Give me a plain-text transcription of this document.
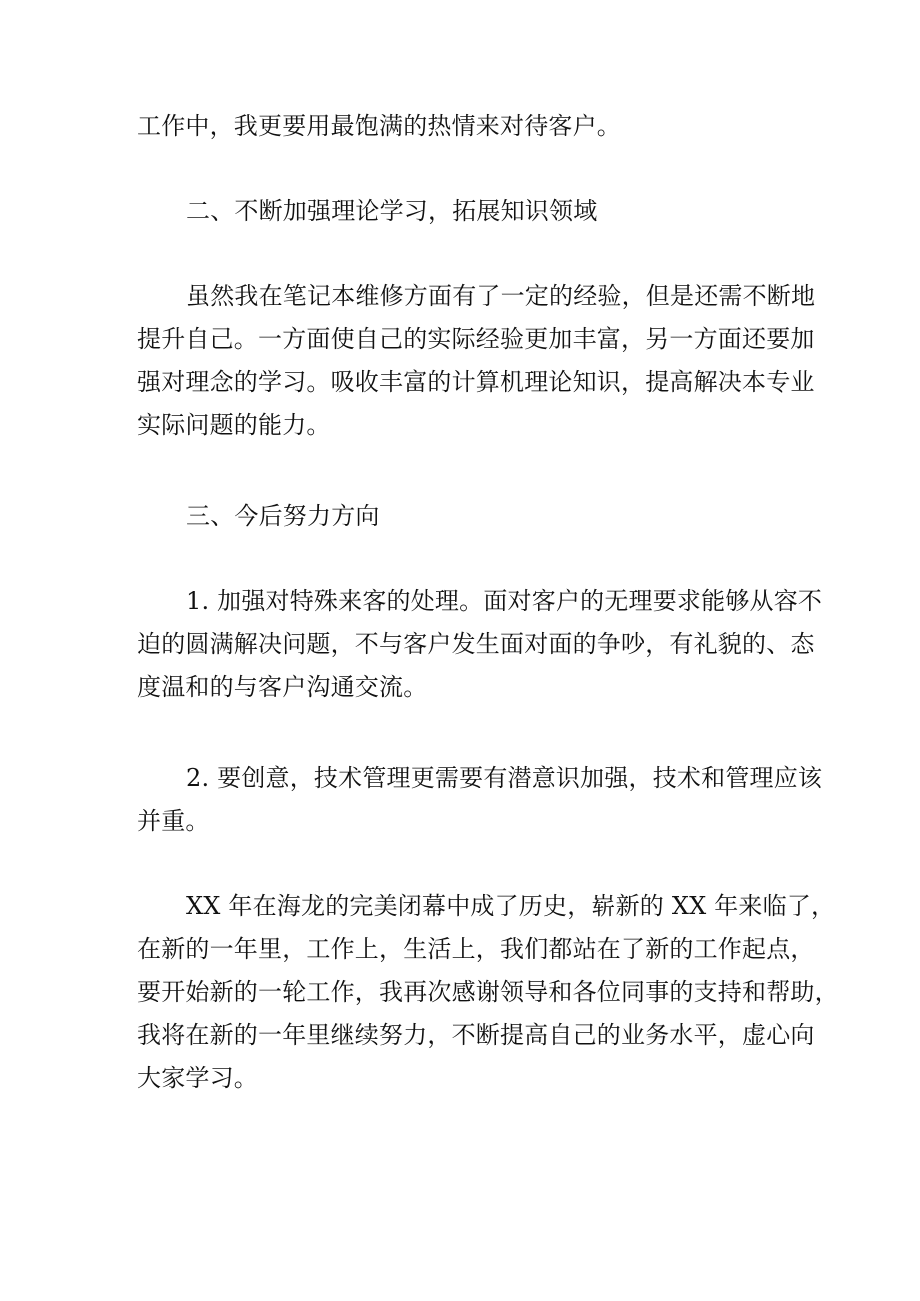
工作中，我更要用最饱满的热情来对待客户。
二、不断加强理论学习，拓展知识领域
虽然我在笔记本维修方面有了一定的经验，但是还需不断地
提升自己。一方面使自己的实际经验更加丰富，另一方面还要加
强对理念的学习。吸收丰富的计算机理论知识，提高解决本专业
实际问题的能力。
三、今后努力方向
1. 加强对特殊来客的处理。面对客户的无理要求能够从容不
迫的圆满解决问题，不与客户发生面对面的争吵，有礼貌的、态
度温和的与客户沟通交流。
2. 要创意，技术管理更需要有潜意识加强，技术和管理应该
并重。
XX 年在海龙的完美闭幕中成了历史，崭新的 XX 年来临了，
在新的一年里，工作上，生活上，我们都站在了新的工作起点，
要开始新的一轮工作，我再次感谢领导和各位同事的支持和帮助，
我将在新的一年里继续努力，不断提高自己的业务水平，虚心向
大家学习。
